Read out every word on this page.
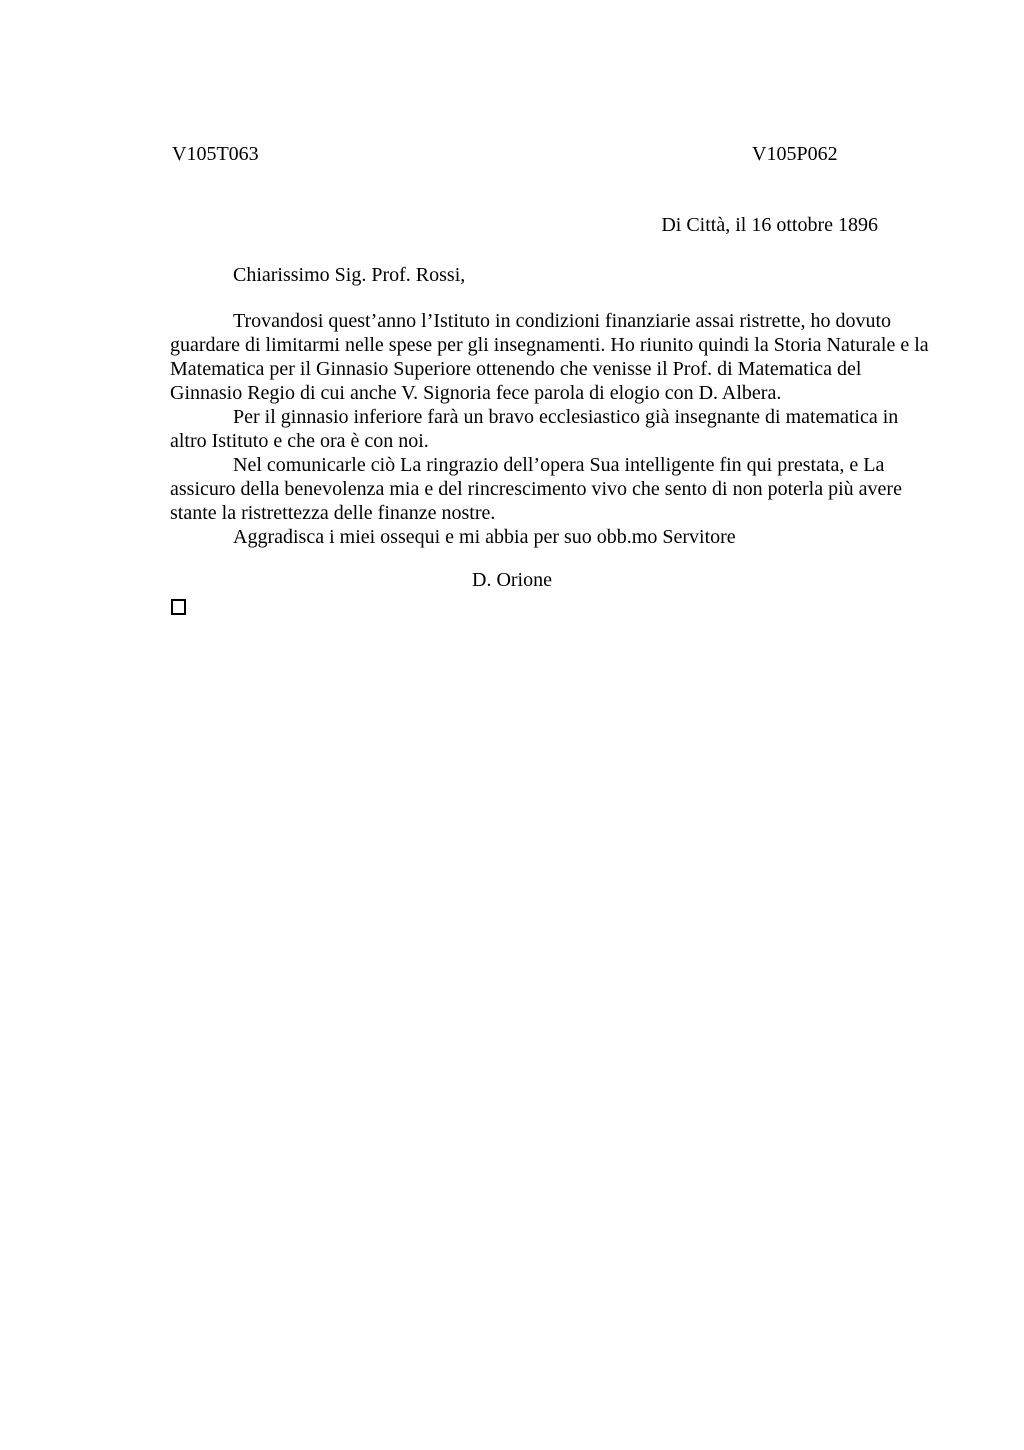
V105T063	V105P062
Di Città, il 16 ottobre 1896
Chiarissimo Sig. Prof. Rossi,

Trovandosi quest’anno l’Istituto in condizioni finanziarie assai ristrette, ho dovuto guardare di limitarmi nelle spese per gli insegnamenti. Ho riunito quindi la Storia Naturale e la Matematica per il Ginnasio Superiore ottenendo che venisse il Prof. di Matematica del Ginnasio Regio di cui anche V. Signoria fece parola di elogio con D. Albera.

Per il ginnasio inferiore farà un bravo ecclesiastico già insegnante di matematica in altro Istituto e che ora è con noi.

Nel comunicarle ciò La ringrazio dell’opera Sua intelligente fin qui prestata, e La assicuro della benevolenza mia e del rincrescimento vivo che sento di non poterla più avere stante la ristrettezza delle finanze nostre.

Aggradisca i miei ossequi e mi abbia per suo obb.mo Servitore

D. Orione
